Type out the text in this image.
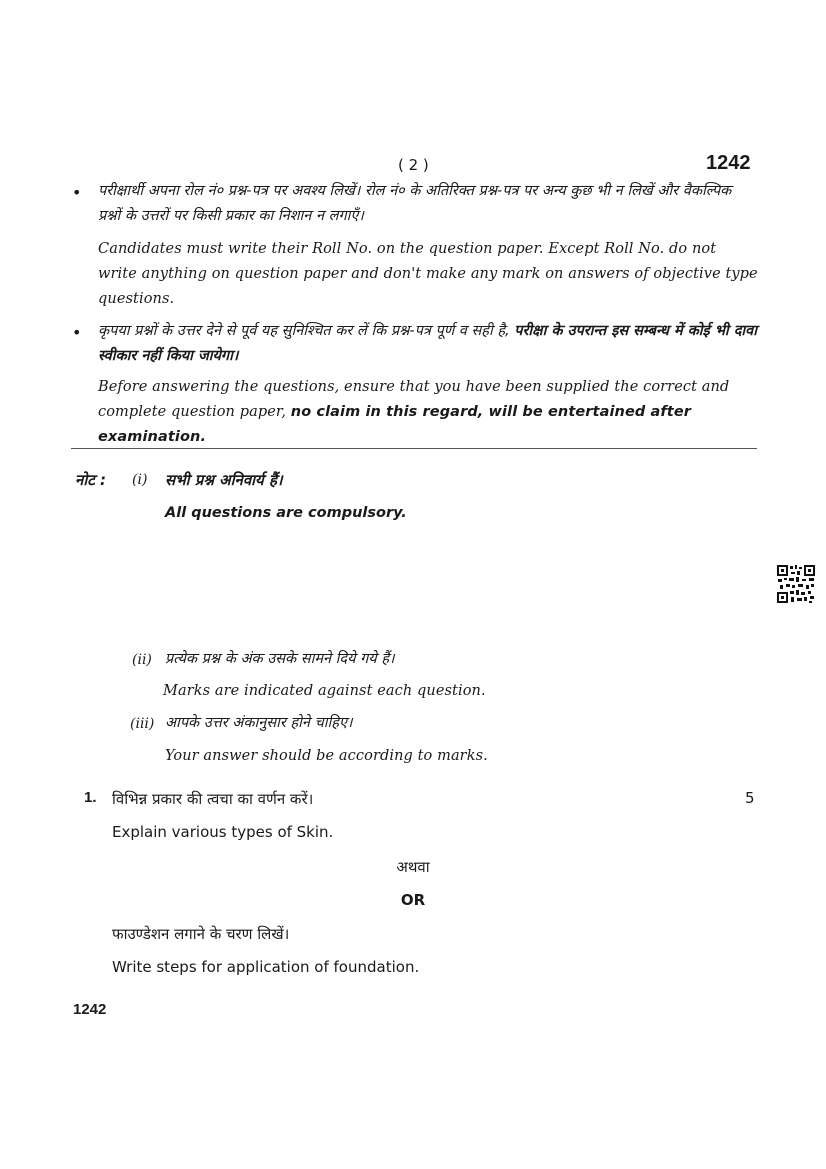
( 2 )	1242
• परीक्षार्थी अपना रोल नं० प्रश्न-पत्र पर अवश्य लिखें। रोल नं० के अतिरिक्त प्रश्न-पत्र पर अन्य कुछ भी न लिखें और वैकल्पिक प्रश्नों के उत्तरों पर किसी प्रकार का निशान न लगाएँ।
Candidates must write their Roll No. on the question paper. Except Roll No. do not write anything on question paper and don't make any mark on answers of objective type questions.
• कृपया प्रश्नों के उत्तर देने से पूर्व यह सुनिश्चित कर लें कि प्रश्न-पत्र पूर्ण व सही है, परीक्षा के उपरान्त इस सम्बन्ध में कोई भी दावा स्वीकार नहीं किया जायेगा।
Before answering the questions, ensure that you have been supplied the correct and complete question paper, no claim in this regard, will be entertained after examination.
नोट : (i) सभी प्रश्न अनिवार्य हैं।
All questions are compulsory.
(ii) प्रत्येक प्रश्न के अंक उसके सामने दिये गये हैं।
Marks are indicated against each question.
(iii) आपके उत्तर अंकानुसार होने चाहिए।
Your answer should be according to marks.
1. विभिन्न प्रकार की त्वचा का वर्णन करें।	5
Explain various types of Skin.
अथवा
OR
फाउण्डेशन लगाने के चरण लिखें।
Write steps for application of foundation.
1242
